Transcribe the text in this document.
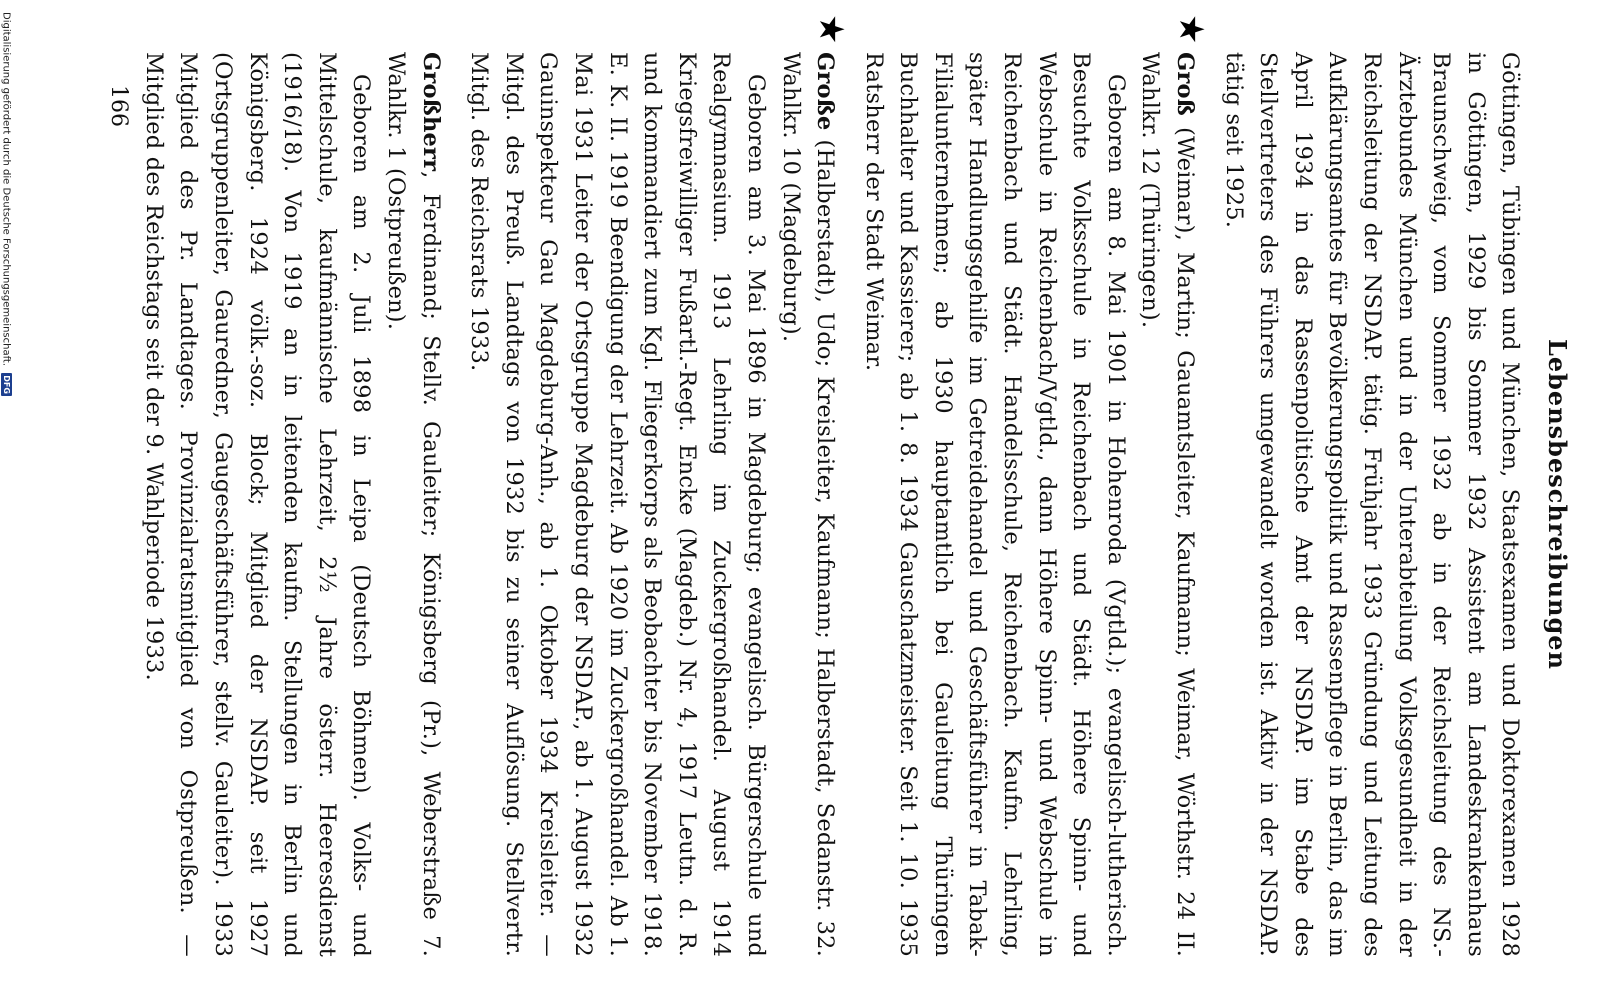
Lebensbeschreibungen

Göttingen, Tübingen und München, Staatsexamen und Doktorexamen 1928 in Göttingen, 1929 bis Sommer 1932 Assistent am Landeskrankenhaus Braunschweig, vom Sommer 1932 ab in der Reichsleitung des NS.-Ärztebundes München und in der Unterabteilung Volksgesundheit in der Reichsleitung der NSDAP. tätig. Frühjahr 1933 Gründung und Leitung des Aufklärungsamtes für Bevölkerungspolitik und Rassenpflege in Berlin, das im April 1934 in das Rassenpolitische Amt der NSDAP. im Stabe des Stellvertreters des Führers umgewandelt worden ist. Aktiv in der NSDAP. tätig seit 1925.

★

Groß (Weimar), Martin; Gauamtsleiter, Kaufmann; Weimar, Wörthstr. 24 II. Wahlkr. 12 (Thüringen).

Geboren am 8. Mai 1901 in Hohenroda (Vgtld.); evangelisch-lutherisch. Besuchte Volksschule in Reichenbach und Städt. Höhere Spinn- und Webschule in Reichenbach/Vgtld., dann Höhere Spinn- und Webschule in Reichenbach und Städt. Handelsschule, Reichenbach. Kaufm. Lehrling, später Handlungsgehilfe im Getreidehandel und Geschäftsführer in Tabak-Filialunternehmen; ab 1930 hauptamtlich bei Gauleitung Thüringen Buchhalter und Kassierer; ab 1. 8. 1934 Gauschatzmeister. Seit 1. 10. 1935 Ratsherr der Stadt Weimar.

★

Große (Halberstadt), Udo; Kreisleiter, Kaufmann; Halberstadt, Sedanstr. 32. Wahlkr. 10 (Magdeburg).

Geboren am 3. Mai 1896 in Magdeburg; evangelisch. Bürgerschule und Realgymnasium. 1913 Lehrling im Zuckergroßhandel. August 1914 Kriegsfreiwilliger Fußartl.-Regt. Encke (Magdeb.) Nr. 4, 1917 Leutn. d. R. und kommandiert zum Kgl. Fliegerkorps als Beobachter bis November 1918. E. K. II. 1919 Beendigung der Lehrzeit. Ab 1920 im Zuckergroßhandel. Ab 1. Mai 1931 Leiter der Ortsgruppe Magdeburg der NSDAP., ab 1. August 1932 Gauinspekteur Gau Magdeburg-Anh., ab 1. Oktober 1934 Kreisleiter. — Mitgl. des Preuß. Landtags von 1932 bis zu seiner Auflösung. Stellvertr. Mitgl. des Reichsrats 1933.

Großherr, Ferdinand; Stellv. Gauleiter; Königsberg (Pr.), Weberstraße 7. Wahlkr. 1 (Ostpreußen).

Geboren am 2. Juli 1898 in Leipa (Deutsch Böhmen). Volks- und Mittelschule, kaufmännische Lehrzeit, 2½ Jahre österr. Heeresdienst (1916/18). Von 1919 an in leitenden kaufm. Stellungen in Berlin und Königsberg. 1924 völk.-soz. Block; Mitglied der NSDAP. seit 1927 (Ortsgruppenleiter, Gauredner, Gaugeschäftsführer, stellv. Gauleiter). 1933 Mitglied des Pr. Landtages. Provinzialratsmitglied von Ostpreußen. — Mitglied des Reichstags seit der 9. Wahlperiode 1933.

166
Digitalisierung gefördert durch die Deutsche Forschungsgemeinschaft. DFG
